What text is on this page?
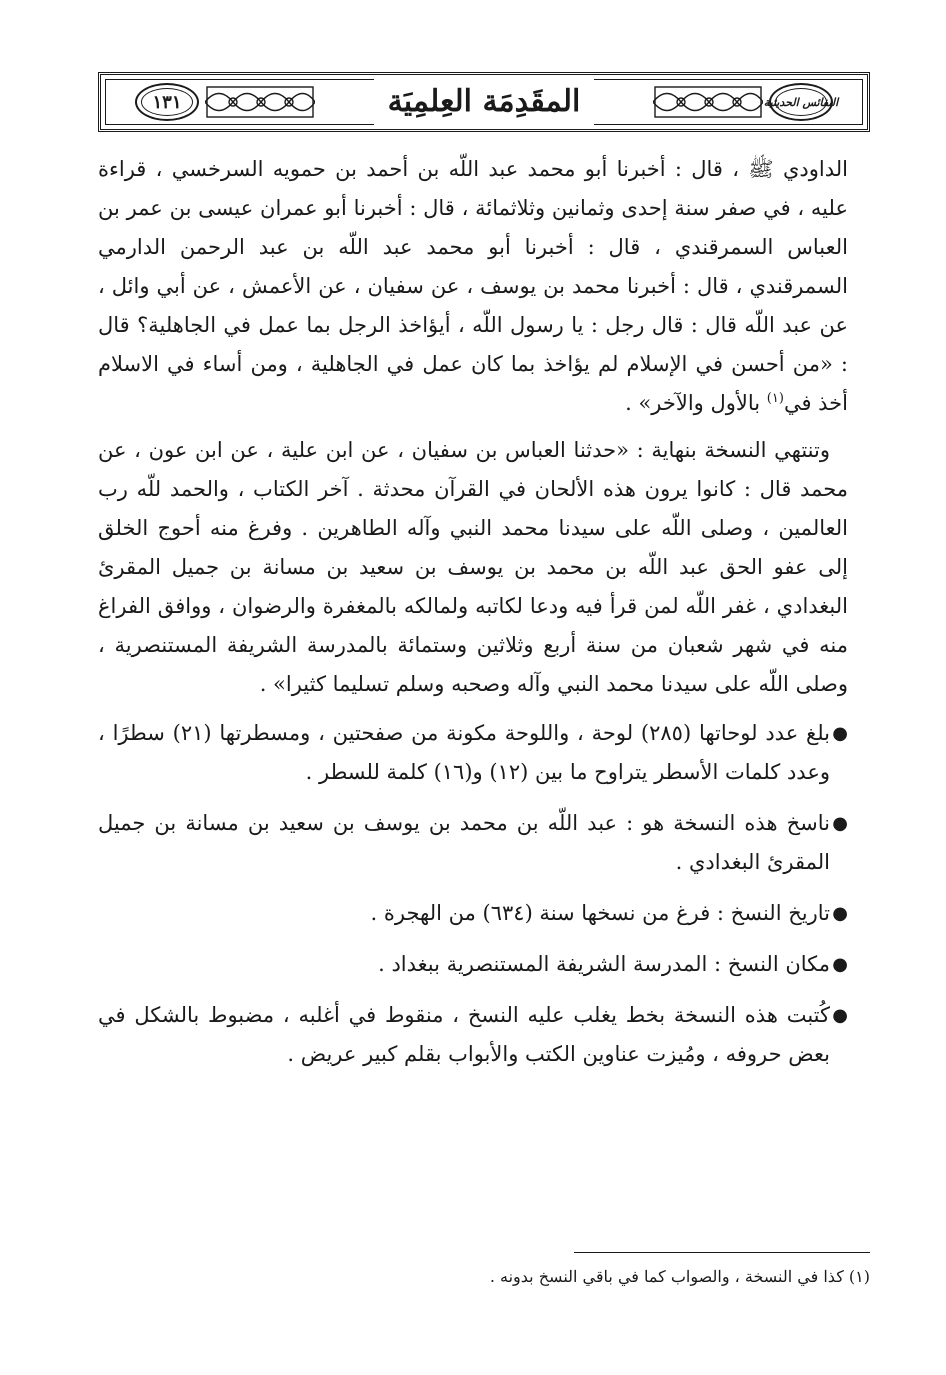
النفائس الحديثية
المقَدِمَة العِلمِيَة
١٣١

الداودي ﷺ ، قال : أخبرنا أبو محمد عبد اللّه بن أحمد بن حمويه السرخسي ، قراءة عليه ، في صفر سنة إحدى وثمانين وثلاثمائة ، قال : أخبرنا أبو عمران عيسى بن عمر بن العباس السمرقندي ، قال : أخبرنا أبو محمد عبد اللّه بن عبد الرحمن الدارمي السمرقندي ، قال : أخبرنا محمد بن يوسف ، عن سفيان ، عن الأعمش ، عن أبي وائل ، عن عبد اللّه قال : قال رجل : يا رسول اللّه ، أيؤاخذ الرجل بما عمل في الجاهلية؟ قال : «من أحسن في الإسلام لم يؤاخذ بما كان عمل في الجاهلية ، ومن أساء في الاسلام أخذ في$^{(١)}$ بالأول والآخر» .

وتنتهي النسخة بنهاية : «حدثنا العباس بن سفيان ، عن ابن علية ، عن ابن عون ، عن محمد قال : كانوا يرون هذه الألحان في القرآن محدثة . آخر الكتاب ، والحمد للّه رب العالمين ، وصلى اللّه على سيدنا محمد النبي وآله الطاهرين . وفرغ منه أحوج الخلق إلى عفو الحق عبد اللّه بن محمد بن يوسف بن سعيد بن مسانة بن جميل المقرئ البغدادي ، غفر اللّه لمن قرأ فيه ودعا لكاتبه ولمالكه بالمغفرة والرضوان ، ووافق الفراغ منه في شهر شعبان من سنة أربع وثلاثين وستمائة بالمدرسة الشريفة المستنصرية ، وصلى اللّه على سيدنا محمد النبي وآله وصحبه وسلم تسليما كثيرا» .

●
بلغ عدد لوحاتها (٢٨٥) لوحة ، واللوحة مكونة من صفحتين ، ومسطرتها (٢١) سطرًا ، وعدد كلمات الأسطر يتراوح ما بين (١٢) و(١٦) كلمة للسطر .
●
ناسخ هذه النسخة هو : عبد اللّه بن محمد بن يوسف بن سعيد بن مسانة بن جميل المقرئ البغدادي .
●
تاريخ النسخ : فرغ من نسخها سنة (٦٣٤) من الهجرة .
●
مكان النسخ : المدرسة الشريفة المستنصرية ببغداد .
●
كُتبت هذه النسخة بخط يغلب عليه النسخ ، منقوط في أغلبه ، مضبوط بالشكل في بعض حروفه ، ومُيزت عناوين الكتب والأبواب بقلم كبير عريض .
(١) كذا في النسخة ، والصواب كما في باقي النسخ بدونه .
